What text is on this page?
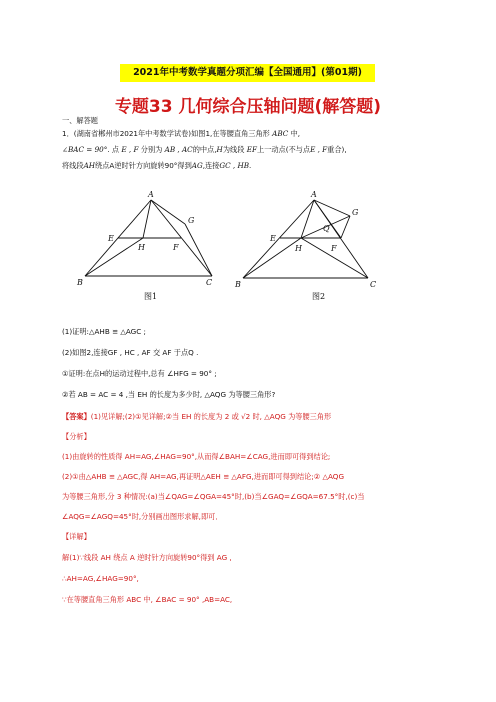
2021年中考数学真题分项汇编【全国通用】(第01期)
专题33 几何综合压轴问题(解答题)
一、解答题
1．(湖南省郴州市2021年中考数学试卷)如图1,在等腰直角三角形 ABC 中,
∠BAC = 90°. 点 E , F 分别为 AB , AC的中点,H为线段 EF上一动点(不与点E , F重合),
将线段AH绕点A逆时针方向旋转90°得到AG,连接GC , HB.
A
G
E
H	F
B	C
图1
A
G
Q
E
H	F
B	C
图2
(1)证明:△AHB ≌ △AGC ;
(2)如图2,连接GF , HC , AF 交 AF 于点Q .
①证明:在点H的运动过程中,总有 ∠HFG = 90° ;
②若 AB = AC = 4 ,当 EH 的长度为多少时, △AQG 为等腰三角形?
【答案】(1)见详解;(2)①见详解;②当 EH 的长度为 2 或 √2 时, △AQG 为等腰三角形
【分析】
(1)由旋转的性质得 AH=AG,∠HAG=90°,从而得∠BAH=∠CAG,进而即可得到结论;
(2)①由△AHB ≌ △AGC,得 AH=AG,再证明△AEH ≌ △AFG,进而即可得到结论;② △AQG
为等腰三角形,分 3 种情况:(a)当∠QAG=∠QGA=45°时,(b)当∠GAQ=∠GQA=67.5°时,(c)当
∠AQG=∠AGQ=45°时,分别画出图形求解,即可．
【详解】
解(1)∵线段 AH 绕点 A 逆时针方向旋转90°得到 AG ,
∴AH=AG,∠HAG=90°,
∵在等腰直角三角形 ABC 中, ∠BAC = 90° ,AB=AC,
